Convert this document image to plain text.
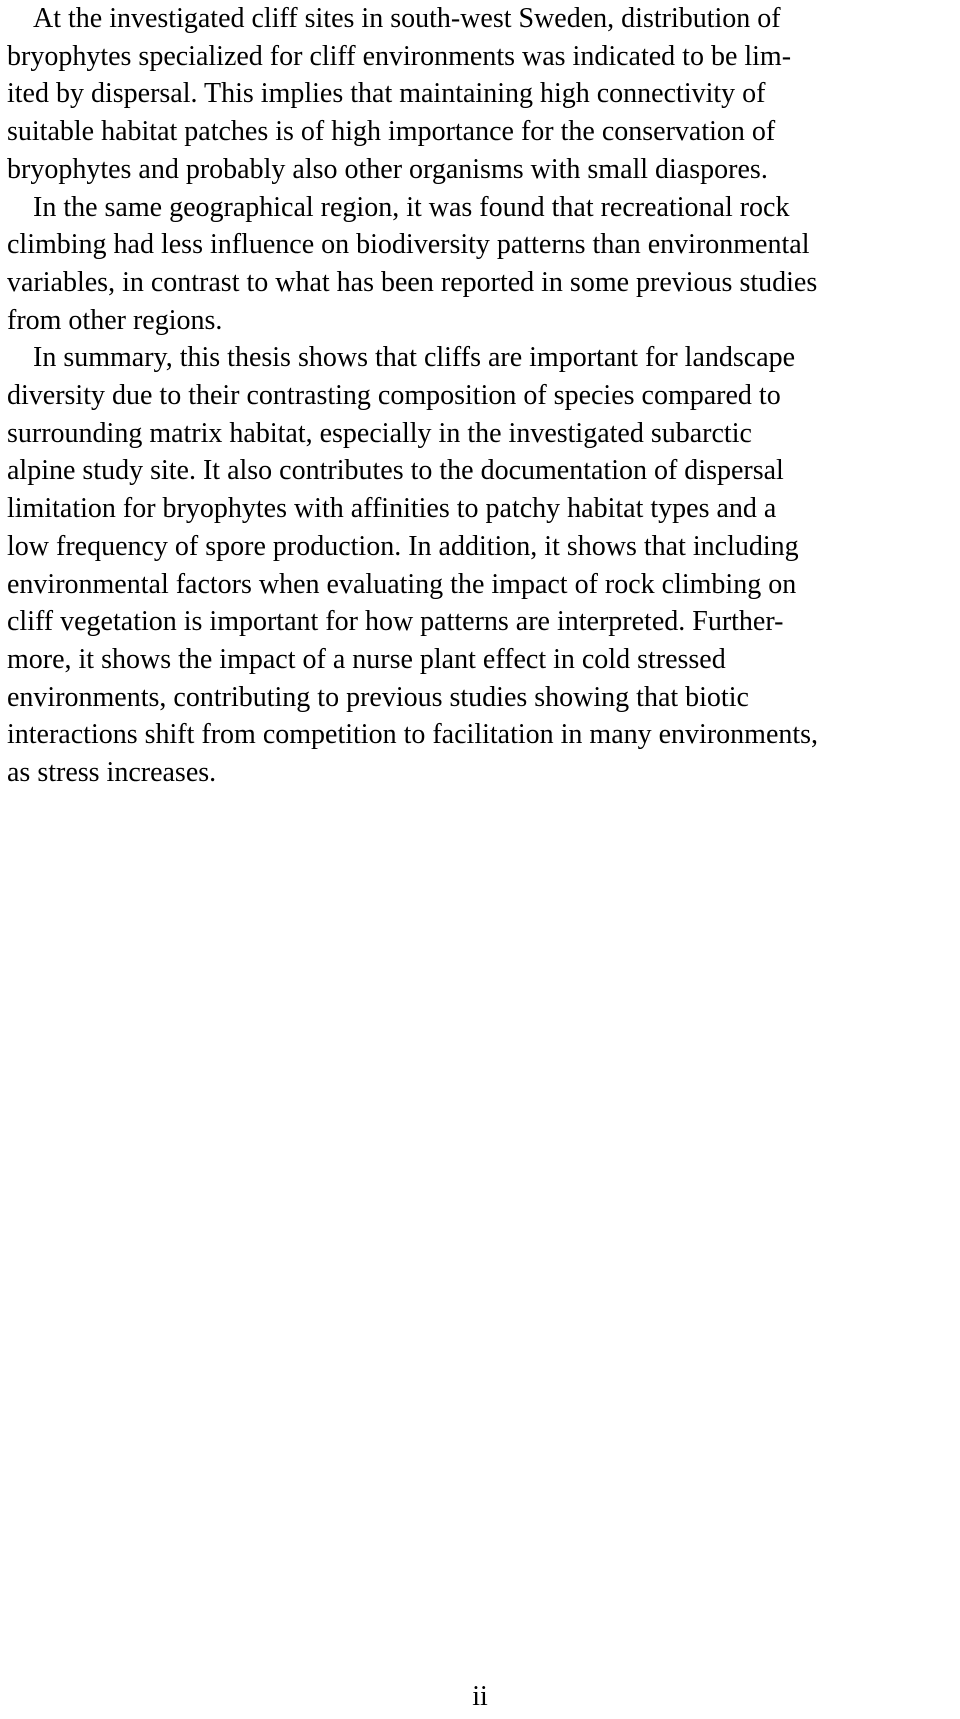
At the investigated cliff sites in south-west Sweden, distribution of
bryophytes specialized for cliff environments was indicated to be lim-
ited by dispersal. This implies that maintaining high connectivity of
suitable habitat patches is of high importance for the conservation of
bryophytes and probably also other organisms with small diaspores.
In the same geographical region, it was found that recreational rock
climbing had less influence on biodiversity patterns than environmental
variables, in contrast to what has been reported in some previous studies
from other regions.
In summary, this thesis shows that cliffs are important for landscape
diversity due to their contrasting composition of species compared to
surrounding matrix habitat, especially in the investigated subarctic
alpine study site. It also contributes to the documentation of dispersal
limitation for bryophytes with affinities to patchy habitat types and a
low frequency of spore production. In addition, it shows that including
environmental factors when evaluating the impact of rock climbing on
cliff vegetation is important for how patterns are interpreted. Further-
more, it shows the impact of a nurse plant effect in cold stressed
environments, contributing to previous studies showing that biotic
interactions shift from competition to facilitation in many environments,
as stress increases.
ii
